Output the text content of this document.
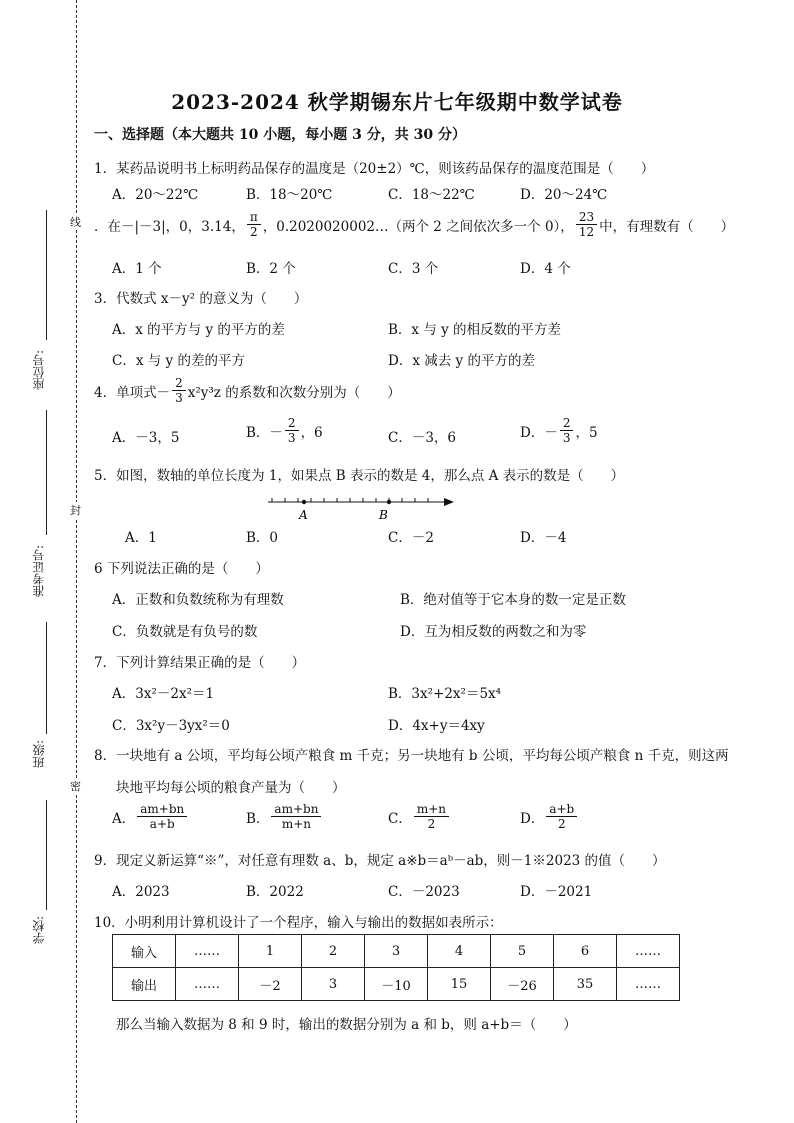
线
封
密
座位号:
准考证号:
班级:
学校:
2023-2024 秋学期锡东片七年级期中数学试卷
一、选择题（本大题共 10 小题，每小题 3 分，共 30 分）
1．某药品说明书上标明药品保存的温度是（20±2）℃，则该药品保存的温度范围是（　　）
A．20～22℃	B．18～20℃	C．18～22℃	D．20～24℃
．在－|－3|，0，3.14， $\frac{\pi}{2}$ ，0.2020020002…（两个 2 之间依次多一个 0）， $\frac{23}{12}$ 中，有理数有（　　）
A．1 个	B．2 个	C．3 个	D．4 个
3．代数式 x－y² 的意义为（　　）
A．x 的平方与 y 的平方的差	B．x 与 y 的相反数的平方差
C．x 与 y 的差的平方	D．x 减去 y 的平方的差
4．单项式－ $\frac{2}{3} x^2y^3z$ 的系数和次数分别为（　　）
A．－3，5	B．－ $\frac{2}{3}$ ，6	C．－3，6	D．－ $\frac{2}{3}$ ，5
5．如图，数轴的单位长度为 1，如果点 B 表示的数是 4，那么点 A 表示的数是（　　）
A	B
A．1	B．0	C．－2	D．－4
6 下列说法正确的是（　　）
A．正数和负数统称为有理数	B．绝对值等于它本身的数一定是正数
C．负数就是有负号的数	D．互为相反数的两数之和为零
7．下列计算结果正确的是（　　）
A．3x²－2x²＝1	B．3x²+2x²＝5x⁴
C．3x²y－3yx²＝0	D．4x+y＝4xy
8．一块地有 a 公顷，平均每公顷产粮食 m 千克；另一块地有 b 公顷，平均每公顷产粮食 n 千克，则这两
块地平均每公顷的粮食产量为（　　）
A． $\frac{am+bn}{a+b}$	B． $\frac{am+bn}{m+n}$	C． $\frac{m+n}{2}$	D． $\frac{a+b}{2}$
9．现定义新运算“※”，对任意有理数 a、b，规定 a※b＝aᵇ－ab，则－1※2023 的值（　　）
A．2023	B．2022	C．－2023	D．－2021
10．小明利用计算机设计了一个程序，输入与输出的数据如表所示：
输入	……	1	2	3	4	5	6	……
输出	……	－2	3	－10	15	－26	35	……
那么当输入数据为 8 和 9 时，输出的数据分别为 a 和 b，则 a+b＝（　　）
